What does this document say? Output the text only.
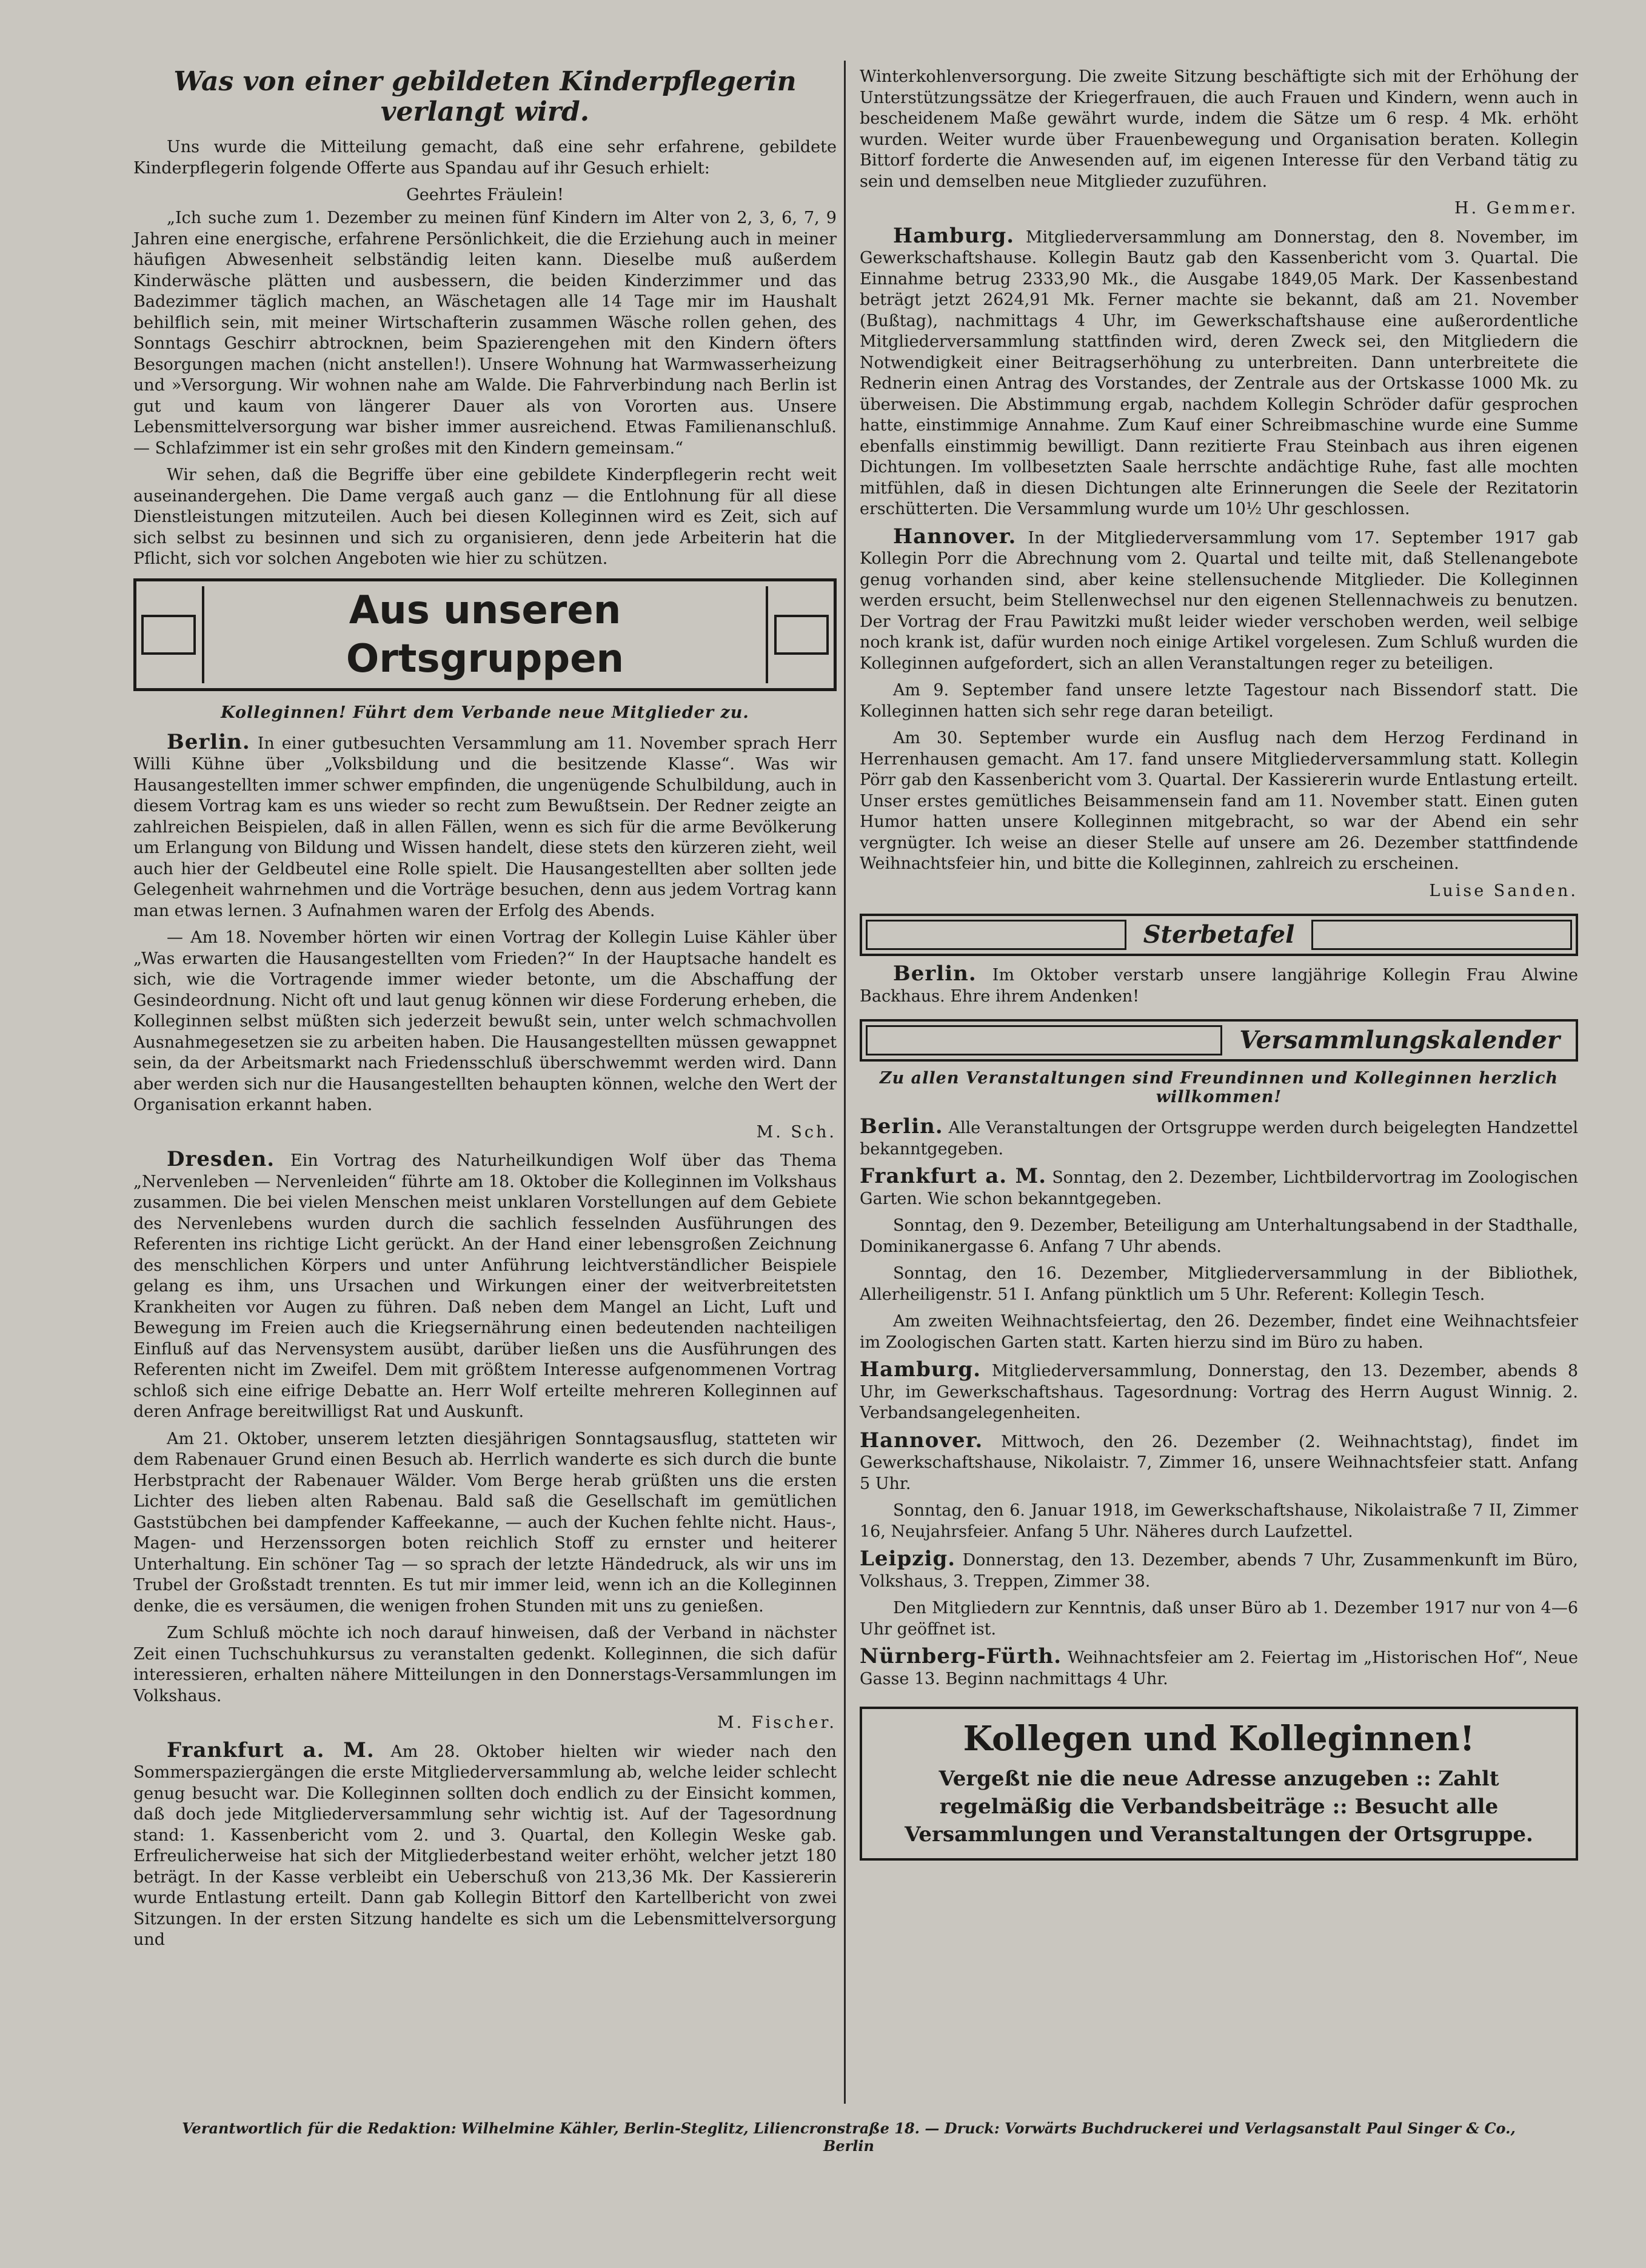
Was von einer gebildeten Kinderpflegerin
verlangt wird.

Uns wurde die Mitteilung gemacht, daß eine sehr erfahrene, gebildete Kinderpflegerin folgende Offerte aus Spandau auf ihr Gesuch erhielt:

Geehrtes Fräulein!

„Ich suche zum 1. Dezember zu meinen fünf Kindern im Alter von 2, 3, 6, 7, 9 Jahren eine energische, erfahrene Persönlichkeit, die die Erziehung auch in meiner häufigen Abwesenheit selbständig leiten kann. Dieselbe muß außerdem Kinderwäsche plätten und ausbessern, die beiden Kinderzimmer und das Badezimmer täglich machen, an Wäschetagen alle 14 Tage mir im Haushalt behilflich sein, mit meiner Wirtschafterin zusammen Wäsche rollen gehen, des Sonntags Geschirr abtrocknen, beim Spazierengehen mit den Kindern öfters Besorgungen machen (nicht anstellen!). Unsere Wohnung hat Warmwasserheizung und »Versorgung. Wir wohnen nahe am Walde. Die Fahrverbindung nach Berlin ist gut und kaum von längerer Dauer als von Vororten aus. Unsere Lebensmittelversorgung war bisher immer ausreichend. Etwas Familienanschluß. — Schlafzimmer ist ein sehr großes mit den Kindern gemeinsam.“

Wir sehen, daß die Begriffe über eine gebildete Kinderpflegerin recht weit auseinandergehen. Die Dame vergaß auch ganz — die Entlohnung für all diese Dienstleistungen mitzuteilen. Auch bei diesen Kolleginnen wird es Zeit, sich auf sich selbst zu besinnen und sich zu organisieren, denn jede Arbeiterin hat die Pflicht, sich vor solchen Angeboten wie hier zu schützen.

Aus unseren Ortsgruppen
Kolleginnen! Führt dem Verbande neue Mitglieder zu.

Berlin. In einer gutbesuchten Versammlung am 11. November sprach Herr Willi Kühne über „Volksbildung und die besitzende Klasse“. Was wir Hausangestellten immer schwer empfinden, die ungenügende Schulbildung, auch in diesem Vortrag kam es uns wieder so recht zum Bewußtsein. Der Redner zeigte an zahlreichen Beispielen, daß in allen Fällen, wenn es sich für die arme Bevölkerung um Erlangung von Bildung und Wissen handelt, diese stets den kürzeren zieht, weil auch hier der Geldbeutel eine Rolle spielt. Die Hausangestellten aber sollten jede Gelegenheit wahrnehmen und die Vorträge besuchen, denn aus jedem Vortrag kann man etwas lernen. 3 Aufnahmen waren der Erfolg des Abends.

— Am 18. November hörten wir einen Vortrag der Kollegin Luise Kähler über „Was erwarten die Hausangestellten vom Frieden?“ In der Hauptsache handelt es sich, wie die Vortragende immer wieder betonte, um die Abschaffung der Gesindeordnung. Nicht oft und laut genug können wir diese Forderung erheben, die Kolleginnen selbst müßten sich jederzeit bewußt sein, unter welch schmachvollen Ausnahmegesetzen sie zu arbeiten haben. Die Hausangestellten müssen gewappnet sein, da der Arbeitsmarkt nach Friedensschluß überschwemmt werden wird. Dann aber werden sich nur die Hausangestellten behaupten können, welche den Wert der Organisation erkannt haben.

M. Sch.

Dresden. Ein Vortrag des Naturheilkundigen Wolf über das Thema „Nervenleben — Nervenleiden“ führte am 18. Oktober die Kolleginnen im Volkshaus zusammen. Die bei vielen Menschen meist unklaren Vorstellungen auf dem Gebiete des Nervenlebens wurden durch die sachlich fesselnden Ausführungen des Referenten ins richtige Licht gerückt. An der Hand einer lebensgroßen Zeichnung des menschlichen Körpers und unter Anführung leichtverständlicher Beispiele gelang es ihm, uns Ursachen und Wirkungen einer der weitverbreitetsten Krankheiten vor Augen zu führen. Daß neben dem Mangel an Licht, Luft und Bewegung im Freien auch die Kriegsernährung einen bedeutenden nachteiligen Einfluß auf das Nervensystem ausübt, darüber ließen uns die Ausführungen des Referenten nicht im Zweifel. Dem mit größtem Interesse aufgenommenen Vortrag schloß sich eine eifrige Debatte an. Herr Wolf erteilte mehreren Kolleginnen auf deren Anfrage bereitwilligst Rat und Auskunft.

Am 21. Oktober, unserem letzten diesjährigen Sonntagsausflug, statteten wir dem Rabenauer Grund einen Besuch ab. Herrlich wanderte es sich durch die bunte Herbstpracht der Rabenauer Wälder. Vom Berge herab grüßten uns die ersten Lichter des lieben alten Rabenau. Bald saß die Gesellschaft im gemütlichen Gaststübchen bei dampfender Kaffeekanne, — auch der Kuchen fehlte nicht. Haus-, Magen- und Herzenssorgen boten reichlich Stoff zu ernster und heiterer Unterhaltung. Ein schöner Tag — so sprach der letzte Händedruck, als wir uns im Trubel der Großstadt trennten. Es tut mir immer leid, wenn ich an die Kolleginnen denke, die es versäumen, die wenigen frohen Stunden mit uns zu genießen.

Zum Schluß möchte ich noch darauf hinweisen, daß der Verband in nächster Zeit einen Tuchschuhkursus zu veranstalten gedenkt. Kolleginnen, die sich dafür interessieren, erhalten nähere Mitteilungen in den Donnerstags-Versammlungen im Volkshaus.

M. Fischer.

Frankfurt a. M. Am 28. Oktober hielten wir wieder nach den Sommerspaziergängen die erste Mitgliederversammlung ab, welche leider schlecht genug besucht war. Die Kolleginnen sollten doch endlich zu der Einsicht kommen, daß doch jede Mitgliederversammlung sehr wichtig ist. Auf der Tagesordnung stand: 1. Kassenbericht vom 2. und 3. Quartal, den Kollegin Weske gab. Erfreulicherweise hat sich der Mitgliederbestand weiter erhöht, welcher jetzt 180 beträgt. In der Kasse verbleibt ein Ueberschuß von 213,36 Mk. Der Kassiererin wurde Entlastung erteilt. Dann gab Kollegin Bittorf den Kartellbericht von zwei Sitzungen. In der ersten Sitzung handelte es sich um die Lebensmittelversorgung und

Winterkohlenversorgung. Die zweite Sitzung beschäftigte sich mit der Erhöhung der Unterstützungssätze der Kriegerfrauen, die auch Frauen und Kindern, wenn auch in bescheidenem Maße gewährt wurde, indem die Sätze um 6 resp. 4 Mk. erhöht wurden. Weiter wurde über Frauenbewegung und Organisation beraten. Kollegin Bittorf forderte die Anwesenden auf, im eigenen Interesse für den Verband tätig zu sein und demselben neue Mitglieder zuzuführen.

H. Gemmer.

Hamburg. Mitgliederversammlung am Donnerstag, den 8. November, im Gewerkschaftshause. Kollegin Bautz gab den Kassenbericht vom 3. Quartal. Die Einnahme betrug 2333,90 Mk., die Ausgabe 1849,05 Mark. Der Kassenbestand beträgt jetzt 2624,91 Mk. Ferner machte sie bekannt, daß am 21. November (Bußtag), nachmittags 4 Uhr, im Gewerkschaftshause eine außerordentliche Mitgliederversammlung stattfinden wird, deren Zweck sei, den Mitgliedern die Notwendigkeit einer Beitragserhöhung zu unterbreiten. Dann unterbreitete die Rednerin einen Antrag des Vorstandes, der Zentrale aus der Ortskasse 1000 Mk. zu überweisen. Die Abstimmung ergab, nachdem Kollegin Schröder dafür gesprochen hatte, einstimmige Annahme. Zum Kauf einer Schreibmaschine wurde eine Summe ebenfalls einstimmig bewilligt. Dann rezitierte Frau Steinbach aus ihren eigenen Dichtungen. Im vollbesetzten Saale herrschte andächtige Ruhe, fast alle mochten mitfühlen, daß in diesen Dichtungen alte Erinnerungen die Seele der Rezitatorin erschütterten. Die Versammlung wurde um 10½ Uhr geschlossen.

Hannover. In der Mitgliederversammlung vom 17. September 1917 gab Kollegin Porr die Abrechnung vom 2. Quartal und teilte mit, daß Stellenangebote genug vorhanden sind, aber keine stellensuchende Mitglieder. Die Kolleginnen werden ersucht, beim Stellenwechsel nur den eigenen Stellennachweis zu benutzen. Der Vortrag der Frau Pawitzki mußt leider wieder verschoben werden, weil selbige noch krank ist, dafür wurden noch einige Artikel vorgelesen. Zum Schluß wurden die Kolleginnen aufgefordert, sich an allen Veranstaltungen reger zu beteiligen.

Am 9. September fand unsere letzte Tagestour nach Bissendorf statt. Die Kolleginnen hatten sich sehr rege daran beteiligt.

Am 30. September wurde ein Ausflug nach dem Herzog Ferdinand in Herrenhausen gemacht. Am 17. fand unsere Mitgliederversammlung statt. Kollegin Pörr gab den Kassenbericht vom 3. Quartal. Der Kassiererin wurde Entlastung erteilt. Unser erstes gemütliches Beisammensein fand am 11. November statt. Einen guten Humor hatten unsere Kolleginnen mitgebracht, so war der Abend ein sehr vergnügter. Ich weise an dieser Stelle auf unsere am 26. Dezember stattfindende Weihnachtsfeier hin, und bitte die Kolleginnen, zahlreich zu erscheinen.

Luise Sanden.

Sterbetafel

Berlin. Im Oktober verstarb unsere langjährige Kollegin Frau Alwine Backhaus. Ehre ihrem Andenken!

Versammlungskalender
Zu allen Veranstaltungen sind Freundinnen und Kolleginnen herzlich willkommen!

Berlin. Alle Veranstaltungen der Ortsgruppe werden durch beigelegten Handzettel bekanntgegeben.

Frankfurt a. M. Sonntag, den 2. Dezember, Lichtbildervortrag im Zoologischen Garten. Wie schon bekanntgegeben.

Sonntag, den 9. Dezember, Beteiligung am Unterhaltungsabend in der Stadthalle, Dominikanergasse 6. Anfang 7 Uhr abends.

Sonntag, den 16. Dezember, Mitgliederversammlung in der Bibliothek, Allerheiligenstr. 51 I. Anfang pünktlich um 5 Uhr. Referent: Kollegin Tesch.

Am zweiten Weihnachtsfeiertag, den 26. Dezember, findet eine Weihnachtsfeier im Zoologischen Garten statt. Karten hierzu sind im Büro zu haben.

Hamburg. Mitgliederversammlung, Donnerstag, den 13. Dezember, abends 8 Uhr, im Gewerkschaftshaus. Tagesordnung: Vortrag des Herrn August Winnig. 2. Verbandsangelegenheiten.

Hannover. Mittwoch, den 26. Dezember (2. Weihnachtstag), findet im Gewerkschaftshause, Nikolaistr. 7, Zimmer 16, unsere Weihnachtsfeier statt. Anfang 5 Uhr.

Sonntag, den 6. Januar 1918, im Gewerkschaftshause, Nikolaistraße 7 II, Zimmer 16, Neujahrsfeier. Anfang 5 Uhr. Näheres durch Laufzettel.

Leipzig. Donnerstag, den 13. Dezember, abends 7 Uhr, Zusammenkunft im Büro, Volkshaus, 3. Treppen, Zimmer 38.

Den Mitgliedern zur Kenntnis, daß unser Büro ab 1. Dezember 1917 nur von 4—6 Uhr geöffnet ist.

Nürnberg-Fürth. Weihnachtsfeier am 2. Feiertag im „Historischen Hof“, Neue Gasse 13. Beginn nachmittags 4 Uhr.

Kollegen und Kolleginnen!
Vergeßt nie die neue Adresse anzugeben :: Zahlt regelmäßig die Verbandsbeiträge :: Besucht alle Versammlungen und Veranstaltungen der Ortsgruppe.
Verantwortlich für die Redaktion: Wilhelmine Kähler, Berlin-Steglitz, Liliencronstraße 18. — Druck: Vorwärts Buchdruckerei und Verlagsanstalt Paul Singer & Co., Berlin
